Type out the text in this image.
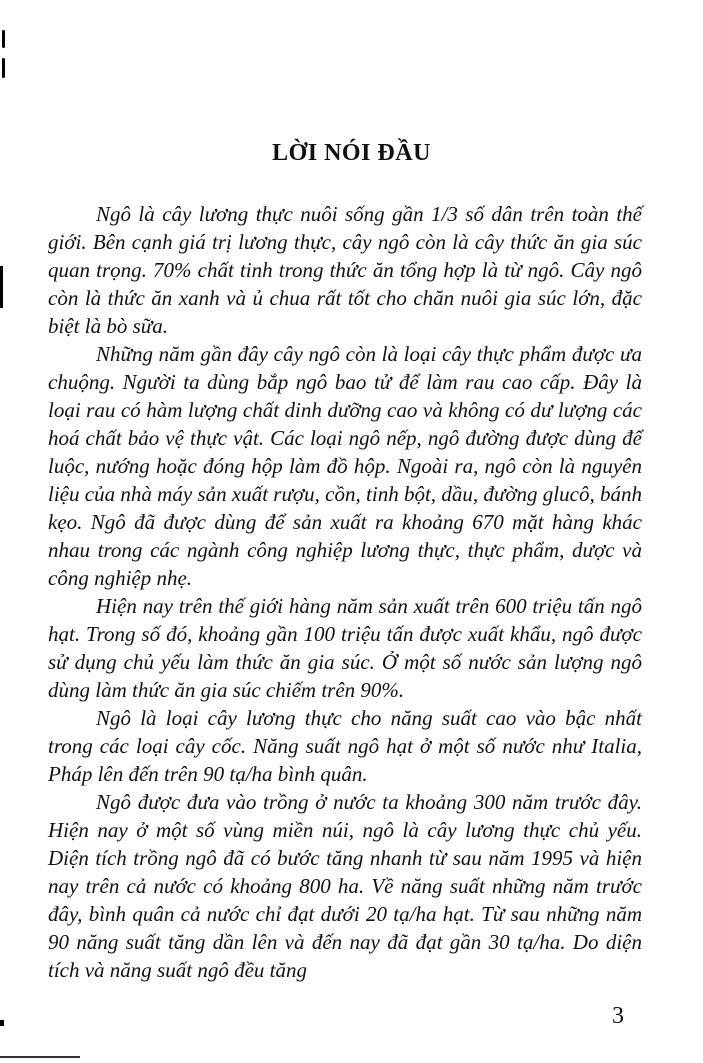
LỜI NÓI ĐẦU

Ngô là cây lương thực nuôi sống gần 1/3 số dân trên toàn thế giới. Bên cạnh giá trị lương thực, cây ngô còn là cây thức ăn gia súc quan trọng. 70% chất tinh trong thức ăn tổng hợp là từ ngô. Cây ngô còn là thức ăn xanh và ủ chua rất tốt cho chăn nuôi gia súc lớn, đặc biệt là bò sữa.

Những năm gần đây cây ngô còn là loại cây thực phẩm được ưa chuộng. Người ta dùng bắp ngô bao tử để làm rau cao cấp. Đây là loại rau có hàm lượng chất dinh dưỡng cao và không có dư lượng các hoá chất bảo vệ thực vật. Các loại ngô nếp, ngô đường được dùng để luộc, nướng hoặc đóng hộp làm đồ hộp. Ngoài ra, ngô còn là nguyên liệu của nhà máy sản xuất rượu, cồn, tinh bột, dầu, đường glucô, bánh kẹo. Ngô đã được dùng để sản xuất ra khoảng 670 mặt hàng khác nhau trong các ngành công nghiệp lương thực, thực phẩm, dược và công nghiệp nhẹ.

Hiện nay trên thế giới hàng năm sản xuất trên 600 triệu tấn ngô hạt. Trong số đó, khoảng gần 100 triệu tấn được xuất khẩu, ngô được sử dụng chủ yếu làm thức ăn gia súc. Ở một số nước sản lượng ngô dùng làm thức ăn gia súc chiếm trên 90%.

Ngô là loại cây lương thực cho năng suất cao vào bậc nhất trong các loại cây cốc. Năng suất ngô hạt ở một số nước như Italia, Pháp lên đến trên 90 tạ/ha bình quân.

Ngô được đưa vào trồng ở nước ta khoảng 300 năm trước đây. Hiện nay ở một số vùng miền núi, ngô là cây lương thực chủ yếu. Diện tích trồng ngô đã có bước tăng nhanh từ sau năm 1995 và hiện nay trên cả nước có khoảng 800 ha. Về năng suất những năm trước đây, bình quân cả nước chỉ đạt dưới 20 tạ/ha hạt. Từ sau những năm 90 năng suất tăng dần lên và đến nay đã đạt gần 30 tạ/ha. Do diện tích và năng suất ngô đều tăng

3
